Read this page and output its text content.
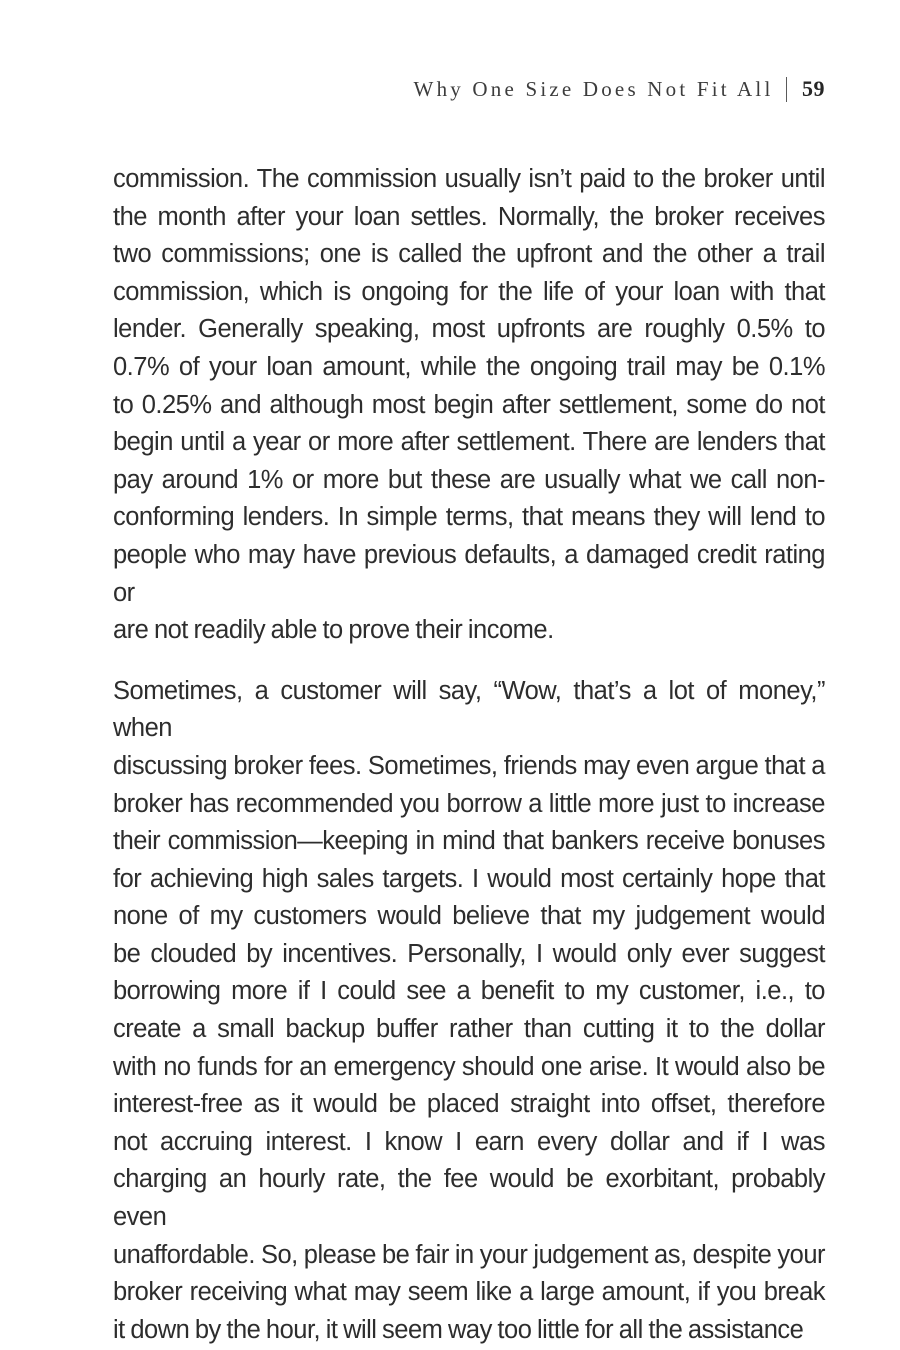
Why One Size Does Not Fit All 59
commission. The commission usually isn’t paid to the broker until
the month after your loan settles. Normally, the broker receives
two commissions; one is called the upfront and the other a trail
commission, which is ongoing for the life of your loan with that
lender. Generally speaking, most upfronts are roughly 0.5% to
0.7% of your loan amount, while the ongoing trail may be 0.1%
to 0.25% and although most begin after settlement, some do not
begin until a year or more after settlement. There are lenders that
pay around 1% or more but these are usually what we call non-
conforming lenders. In simple terms, that means they will lend to
people who may have previous defaults, a damaged credit rating or
are not readily able to prove their income.
Sometimes, a customer will say, “Wow, that’s a lot of money,” when
discussing broker fees. Sometimes, friends may even argue that a
broker has recommended you borrow a little more just to increase
their commission—keeping in mind that bankers receive bonuses
for achieving high sales targets. I would most certainly hope that
none of my customers would believe that my judgement would
be clouded by incentives. Personally, I would only ever suggest
borrowing more if I could see a benefit to my customer, i.e., to
create a small backup buffer rather than cutting it to the dollar
with no funds for an emergency should one arise. It would also be
interest-free as it would be placed straight into offset, therefore
not accruing interest. I know I earn every dollar and if I was
charging an hourly rate, the fee would be exorbitant, probably even
unaffordable. So, please be fair in your judgement as, despite your
broker receiving what may seem like a large amount, if you break
it down by the hour, it will seem way too little for all the assistance
